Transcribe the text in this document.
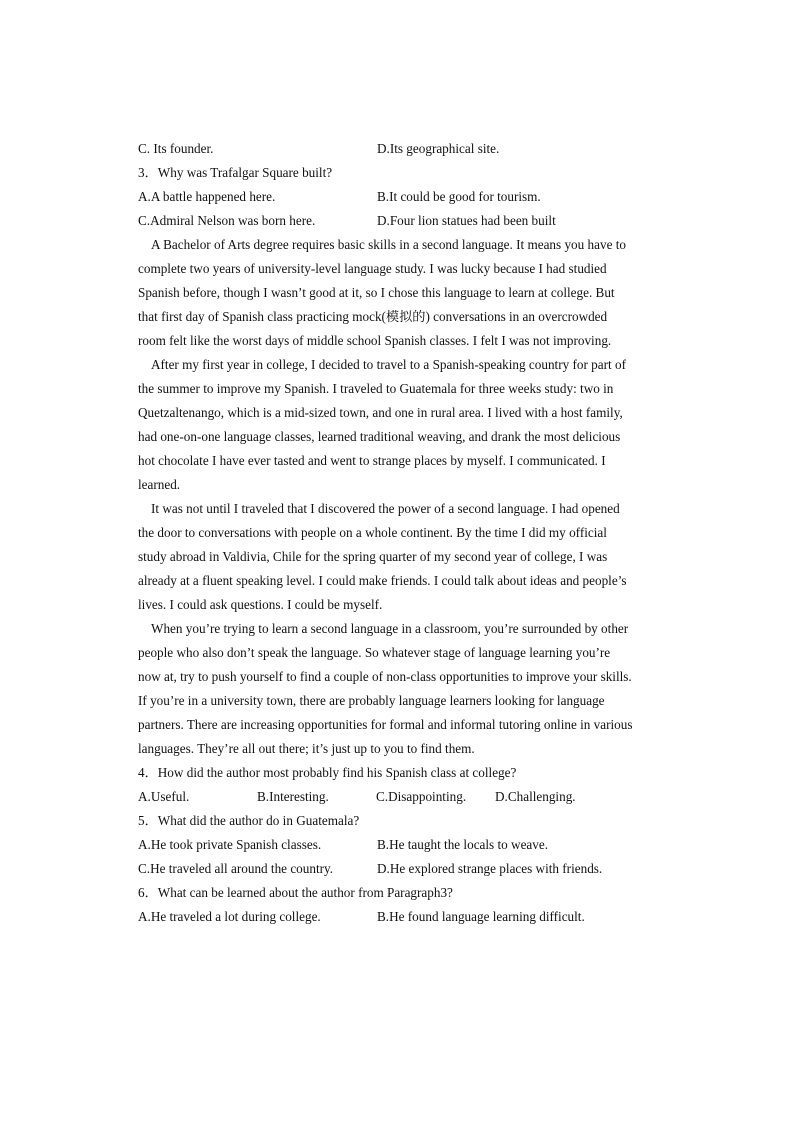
C. Its founder.	D.Its geographical site.
3．Why was Trafalgar Square built?
A.A battle happened here.	B.It could be good for tourism.
C.Admiral Nelson was born here.	D.Four lion statues had been built
A Bachelor of Arts degree requires basic skills in a second language. It means you have to
complete two years of university-level language study. I was lucky because I had studied
Spanish before, though I wasn’t good at it, so I chose this language to learn at college. But
that first day of Spanish class practicing mock(模拟的) conversations in an overcrowded
room felt like the worst days of middle school Spanish classes. I felt I was not improving.
After my first year in college, I decided to travel to a Spanish-speaking country for part of
the summer to improve my Spanish. I traveled to Guatemala for three weeks study: two in
Quetzaltenango, which is a mid-sized town, and one in rural area. I lived with a host family,
had one-on-one language classes, learned traditional weaving, and drank the most delicious
hot chocolate I have ever tasted and went to strange places by myself. I communicated. I
learned.
It was not until I traveled that I discovered the power of a second language. I had opened
the door to conversations with people on a whole continent. By the time I did my official
study abroad in Valdivia, Chile for the spring quarter of my second year of college, I was
already at a fluent speaking level. I could make friends. I could talk about ideas and people’s
lives. I could ask questions. I could be myself.
When you’re trying to learn a second language in a classroom, you’re surrounded by other
people who also don’t speak the language. So whatever stage of language learning you’re
now at, try to push yourself to find a couple of non-class opportunities to improve your skills.
If you’re in a university town, there are probably language learners looking for language
partners. There are increasing opportunities for formal and informal tutoring online in various
languages. They’re all out there; it’s just up to you to find them.
4．How did the author most probably find his Spanish class at college?
A.Useful.	B.Interesting.	C.Disappointing.	D.Challenging.
5．What did the author do in Guatemala?
A.He took private Spanish classes.	B.He taught the locals to weave.
C.He traveled all around the country.	D.He explored strange places with friends.
6．What can be learned about the author from Paragraph3?
A.He traveled a lot during college.	B.He found language learning difficult.
